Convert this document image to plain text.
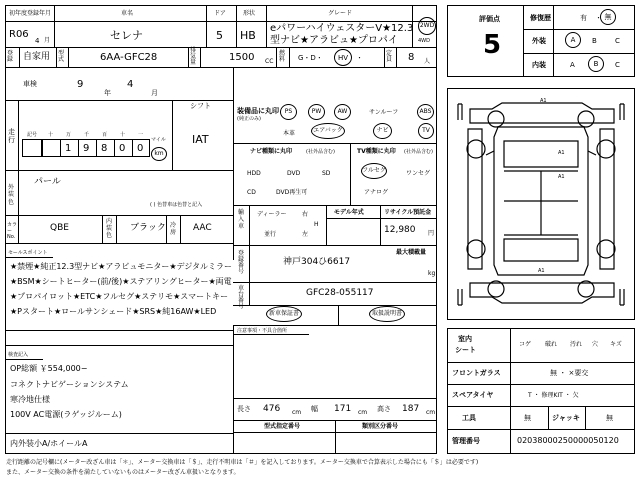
初年度登録年月
R06
4 月
車名
セレナ
ドア
5
形状
HB
グレード
eパワーハイウェスターV★12.3
型ナビ★アラビュ★プロパイ
2WD
4WD
登録	自家用 型式	6AA-GFC28
排気量	1500 CC
燃料	G・D・	HV	・
定員 8 人
車検	9
年
4
月
シフト
IAT
走行
記号 十	万	千	百	十	一
1 9 8 0 0
マイル
km
装備品に丸印
(純正のみ)
PS	PW	AW	サンルーフ	ABS
本革	エアバック	ナビ	TV
ナビ種類に丸印	(社外品含む)
HDD	DVD	SD
CD	DVD再生可
TV種類に丸印 (社外品含む)
フルセグ	ワンセグ
アナログ
外装
色
パール
( ) 色替車は色替と記入
カラー No.
QBE
内装色
ブラック 冷房 AAC
輸入車
ディーラー
並行
右
H
左
モデル年式	リサイクル預託金
12,980 円
最大積載量
セールスポイント
★禁煙★純正12.3型ナビ★アラビュモニター★デジタルミラー
★BSM★シートヒーター(前/後)★ステアリングヒーター★両電
★プロパイロット★ETC★フルセグ★ステリモ★スマートキー
★Pスタート★ロールサンシェード★SRS★純16AW★LED
登録番号
神戸304ひ6617
kg
車台番号
GFC28-055117
新車保証書	取扱説明書
注意事項・不具合箇所
検査記入
OP総額 ￥554,000−
コネクトナビゲーションシステム
寒冷地仕様
100V AC電源(ラゲッジルーム)
内外装小A/ホイールA
長さ 476 cm 幅 171 cm 高さ 187 cm
型式指定番号	類別区分番号
評価点
5
修復歴	有 ・ 無
外装	A	B	C
内装	A	B	C
A1
A1
A1
A1
室内
シート
コゲ 破れ 汚れ 穴 キズ
フロントガラス	無 ・ ×要交
スペアタイヤ	T ・ 修理KIT ・ 欠
工具	無	ジャッキ	無
管理番号	02038000250000050120
走行距離の記号欄に(メーター改ざん車は「＊」、メーター交換車は「＄」、走行不明車は「＃」を記入しております。メーター交換車で合算表示した場合にも「＄」は必要です)
また、メーター交換の条件を満たしていないものはメーター改ざん車扱いとなります。
